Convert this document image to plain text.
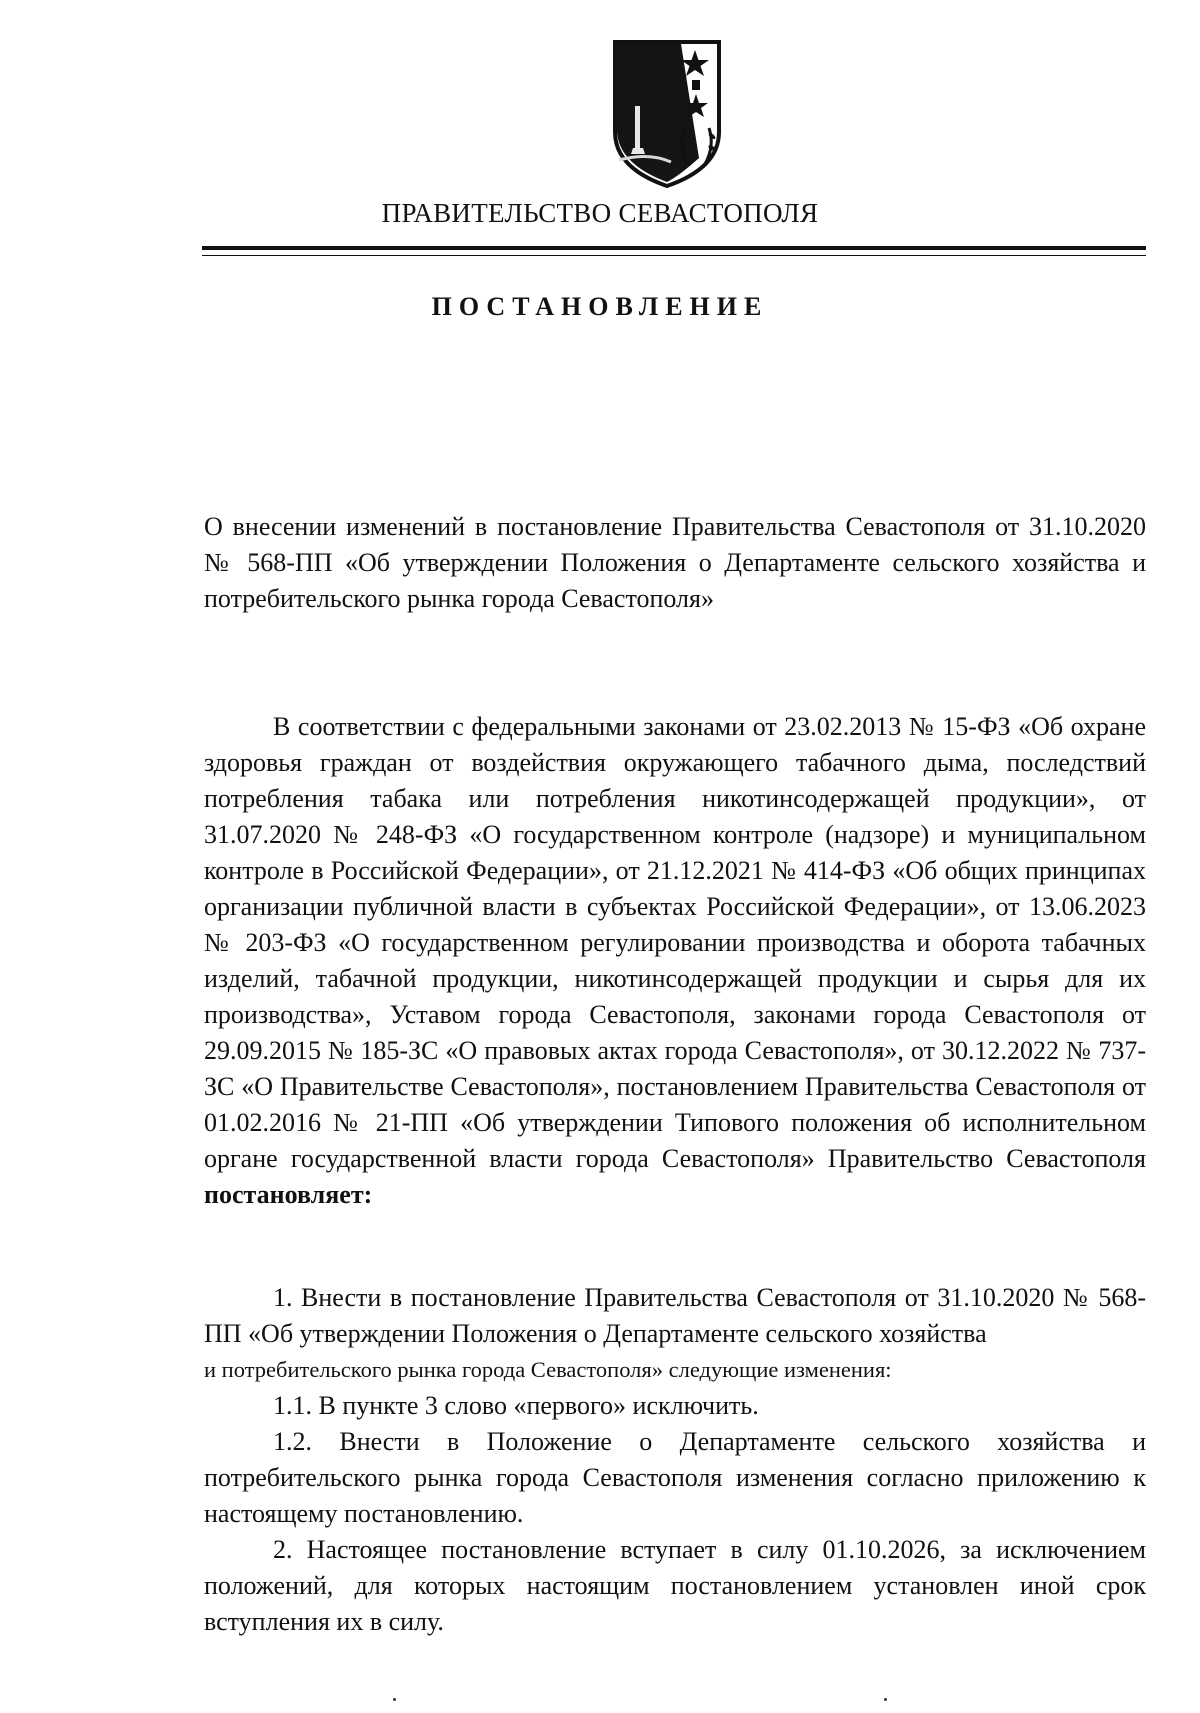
ПРАВИТЕЛЬСТВО СЕВАСТОПОЛЯ
ПОСТАНОВЛЕНИЕ
О внесении изменений в постановление Правительства Севастополя от 31.10.2020 № 568-ПП «Об утверждении Положения о Департаменте сельского хозяйства и потребительского рынка города Севастополя»
В соответствии с федеральными законами от 23.02.2013 № 15-ФЗ «Об охране здоровья граждан от воздействия окружающего табачного дыма, последствий потребления табака или потребления никотинсодержащей продукции», от 31.07.2020 № 248-ФЗ «О государственном контроле (надзоре) и муниципальном контроле в Российской Федерации», от 21.12.2021 № 414-ФЗ «Об общих принципах организации публичной власти в субъектах Российской Федерации», от 13.06.2023 № 203-ФЗ «О государственном регулировании производства и оборота табачных изделий, табачной продукции, никотинсодержащей продукции и сырья для их производства», Уставом города Севастополя, законами города Севастополя от 29.09.2015 № 185-ЗС «О правовых актах города Севастополя», от 30.12.2022 № 737-ЗС «О Правительстве Севастополя», постановлением Правительства Севастополя от 01.02.2016 № 21-ПП «Об утверждении Типового положения об исполнительном органе государственной власти города Севастополя» Правительство Севастополя постановляет:

1. Внести в постановление Правительства Севастополя от 31.10.2020 № 568-ПП «Об утверждении Положения о Департаменте сельского хозяйства

и потребительского рынка города Севастополя» следующие изменения:

1.1. В пункте 3 слово «первого» исключить.

1.2. Внести в Положение о Департаменте сельского хозяйства и потребительского рынка города Севастополя изменения согласно приложению к настоящему постановлению.

2. Настоящее постановление вступает в силу 01.10.2026, за исключением положений, для которых настоящим постановлением установлен иной срок вступления их в силу.
